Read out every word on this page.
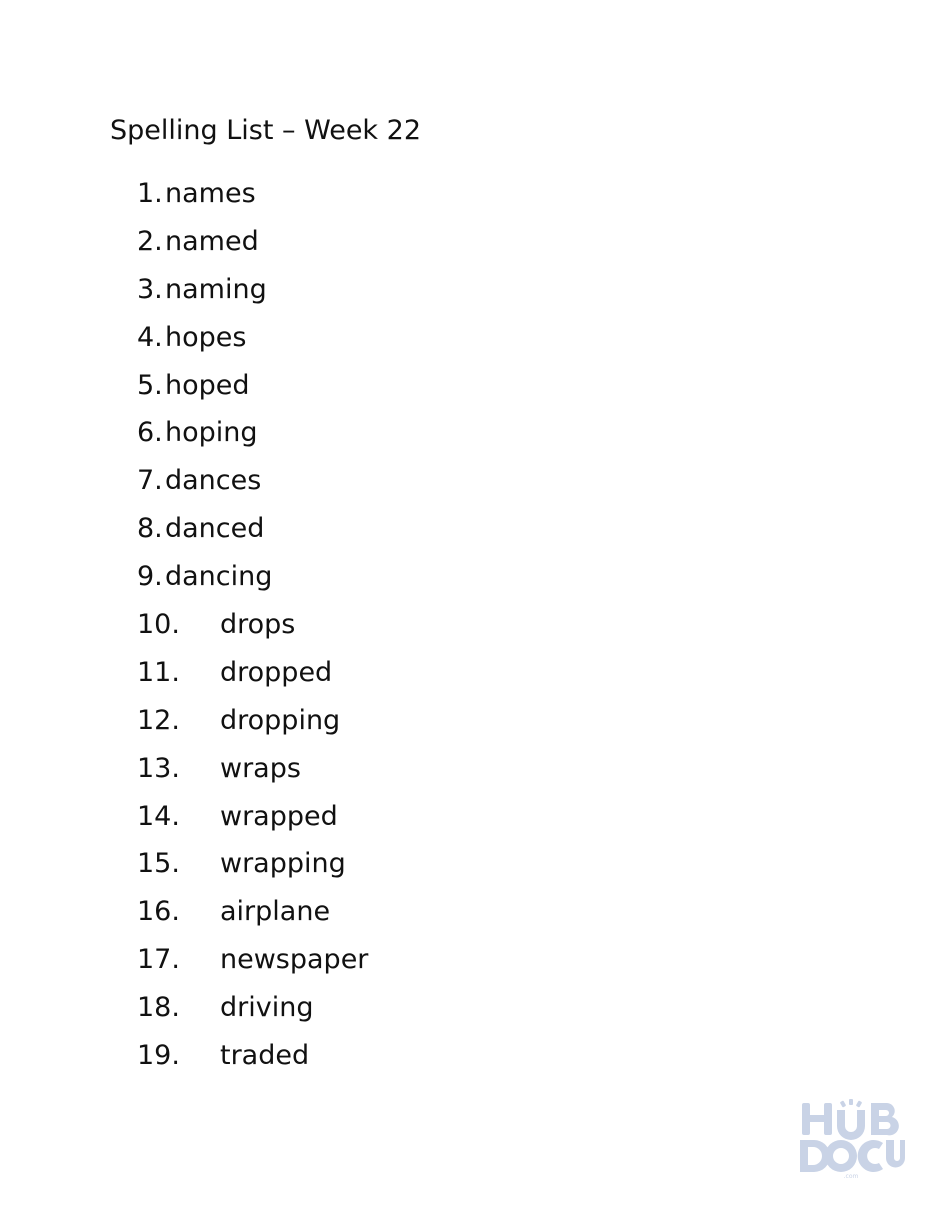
Spelling List – Week 22
1. names
2. named
3. naming
4. hopes
5. hoped
6. hoping
7. dances
8. danced
9. dancing
10. drops
11. dropped
12. dropping
13. wraps
14. wrapped
15. wrapping
16. airplane
17. newspaper
18. driving
19. traded
.com
